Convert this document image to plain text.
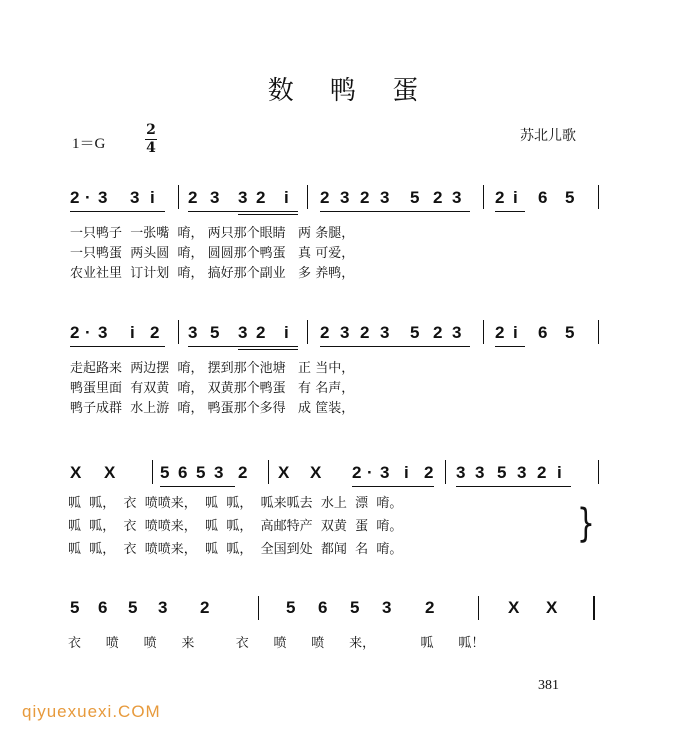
数 鸭 蛋
1＝G
2
4
苏北儿歌
2 · 3 3 i 2 3 3 2 i 2 3 2 3 5 2 3 2 i 6 5
一只鸭子  一张嘴  唷， 两只那个眼睛   两 条腿，
一只鸭蛋  两头圆  唷， 圆圆那个鸭蛋   真 可爱，
农业社里  订计划  唷， 搞好那个副业   多 养鸭，
2 · 3 i 2 3 5 3 2 i 2 3 2 3 5 2 3 2 i 6 5
走起路来  两边摆  唷， 摆到那个池塘   正 当中，
鸭蛋里面  有双黄  唷， 双黄那个鸭蛋   有 名声，
鸭子成群  水上游  唷， 鸭蛋那个多得   成 筐装，
X X	5 6 5 3 2 X X 2 · 3 i 2 3 3 5 3 2 i
呱  呱，  衣  喷喷来，  呱  呱，  呱来呱去  水上  漂  唷。
呱  呱，  衣  喷喷来，  呱  呱，  高邮特产  双黄  蛋  唷。
呱  呱，  衣  喷喷来，  呱  呱，  全国到处  都闻  名  唷。
}
5 6 5 3 2	5 6 5 3 2	X X
衣      喷      喷      来          衣      喷      喷      来，           呱      呱！
381
qiyuexuexi.COM
